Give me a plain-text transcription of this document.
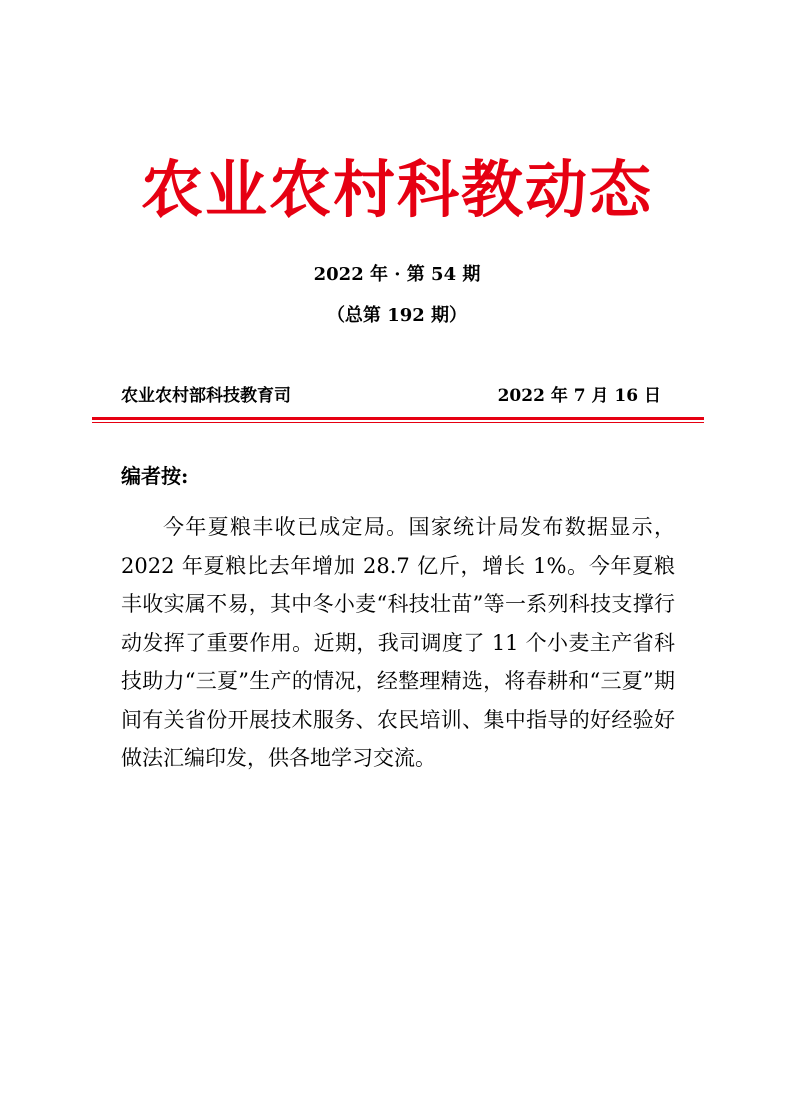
农业农村科教动态
2022 年 · 第 54 期
（总第 192 期）
农业农村部科技教育司	2022 年 7 月 16 日
编者按:

今年夏粮丰收已成定局。国家统计局发布数据显示，2022 年夏粮比去年增加 28.7 亿斤，增长 1%。今年夏粮丰收实属不易，其中冬小麦“科技壮苗”等一系列科技支撑行动发挥了重要作用。近期，我司调度了 11 个小麦主产省科技助力“三夏”生产的情况，经整理精选，将春耕和“三夏”期间有关省份开展技术服务、农民培训、集中指导的好经验好做法汇编印发，供各地学习交流。
